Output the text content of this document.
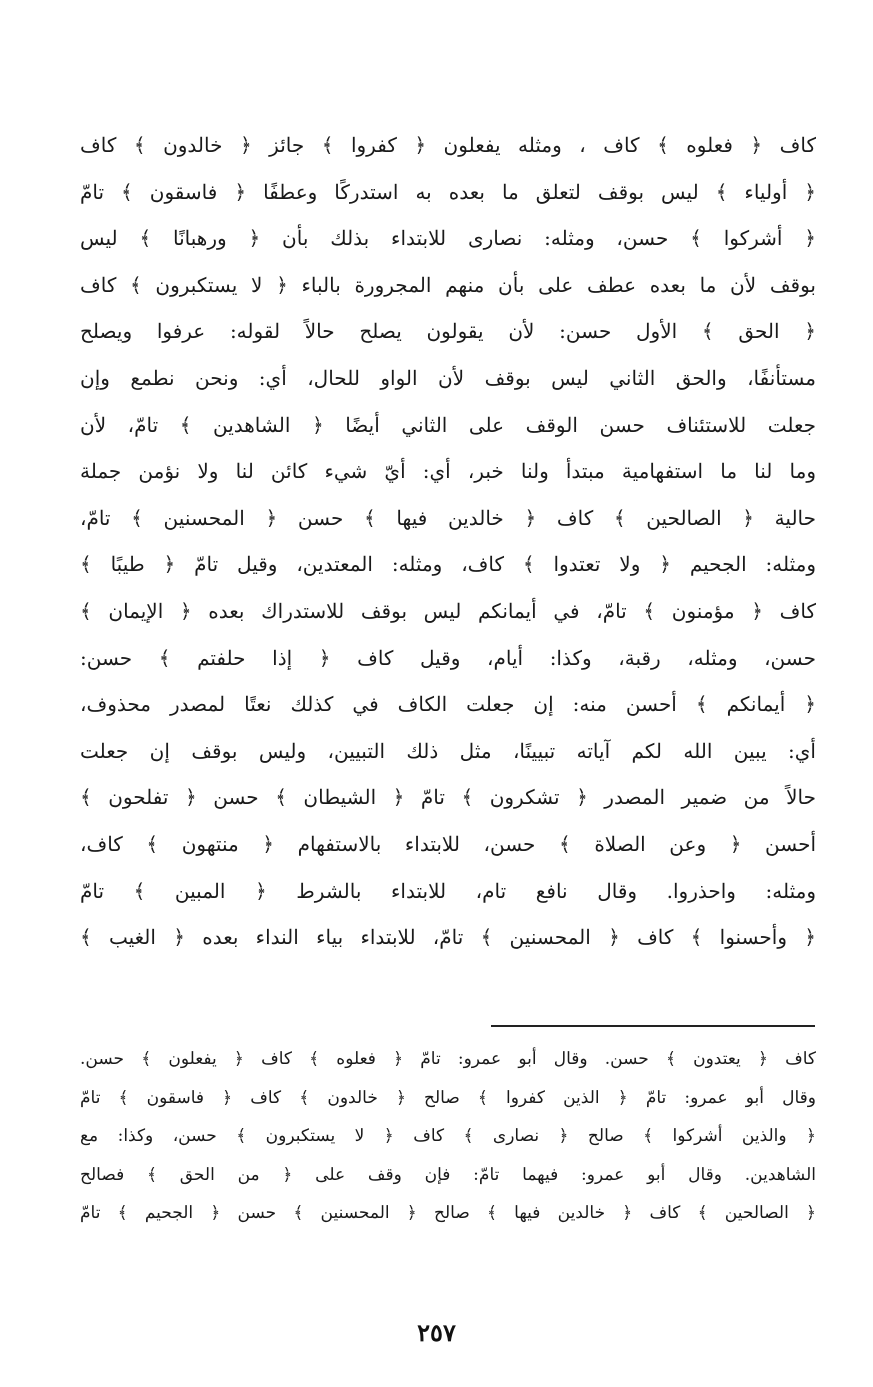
كاف ﴿ فعلوه ﴾ كاف ، ومثله يفعلون ﴿ كفروا ﴾ جائز ﴿ خالدون ﴾ كاف
﴿ أولياء ﴾ ليس بوقف لتعلق ما بعده به استدركًا وعطفًا ﴿ فاسقون ﴾ تامّ
﴿ أشركوا ﴾ حسن، ومثله: نصارى للابتداء بذلك بأن ﴿ ورهبانًا ﴾ ليس
بوقف لأن ما بعده عطف على بأن منهم المجرورة بالباء ﴿ لا يستكبرون ﴾ كاف
﴿ الحق ﴾ الأول حسن: لأن يقولون يصلح حالاً لقوله: عرفوا ويصلح
مستأنفًا، والحق الثاني ليس بوقف لأن الواو للحال، أي: ونحن نطمع وإن
جعلت للاستئناف حسن الوقف على الثاني أيضًا ﴿ الشاهدين ﴾ تامّ، لأن
وما لنا ما استفهامية مبتدأ ولنا خبر، أي: أيّ شيء كائن لنا ولا نؤمن جملة
حالية ﴿ الصالحين ﴾ كاف ﴿ خالدين فيها ﴾ حسن ﴿ المحسنين ﴾ تامّ،
ومثله: الجحيم ﴿ ولا تعتدوا ﴾ كاف، ومثله: المعتدين، وقيل تامّ ﴿ طيبًا ﴾
كاف ﴿ مؤمنون ﴾ تامّ، في أيمانكم ليس بوقف للاستدراك بعده ﴿ الإيمان ﴾
حسن، ومثله، رقبة، وكذا: أيام، وقيل كاف ﴿ إذا حلفتم ﴾ حسن:
﴿ أيمانكم ﴾ أحسن منه: إن جعلت الكاف في كذلك نعتًا لمصدر محذوف،
أي: يبين الله لكم آياته تبيينًا، مثل ذلك التبيين، وليس بوقف إن جعلت
حالاً من ضمير المصدر ﴿ تشكرون ﴾ تامّ ﴿ الشيطان ﴾ حسن ﴿ تفلحون ﴾
أحسن ﴿ وعن الصلاة ﴾ حسن، للابتداء بالاستفهام ﴿ منتهون ﴾ كاف،
ومثله: واحذروا. وقال نافع تام، للابتداء بالشرط ﴿ المبين ﴾ تامّ
﴿ وأحسنوا ﴾ كاف ﴿ المحسنين ﴾ تامّ، للابتداء بياء النداء بعده ﴿ الغيب ﴾
كاف ﴿ يعتدون ﴾ حسن. وقال أبو عمرو: تامّ ﴿ فعلوه ﴾ كاف ﴿ يفعلون ﴾ حسن.
وقال أبو عمرو: تامّ ﴿ الذين كفروا ﴾ صالح ﴿ خالدون ﴾ كاف ﴿ فاسقون ﴾ تامّ
﴿ والذين أشركوا ﴾ صالح ﴿ نصارى ﴾ كاف ﴿ لا يستكبرون ﴾ حسن، وكذا: مع
الشاهدين. وقال أبو عمرو: فيهما تامّ: فإن وقف على ﴿ من الحق ﴾ فصالح
﴿ الصالحين ﴾ كاف ﴿ خالدين فيها ﴾ صالح ﴿ المحسنين ﴾ حسن ﴿ الجحيم ﴾ تامّ
٢٥٧
